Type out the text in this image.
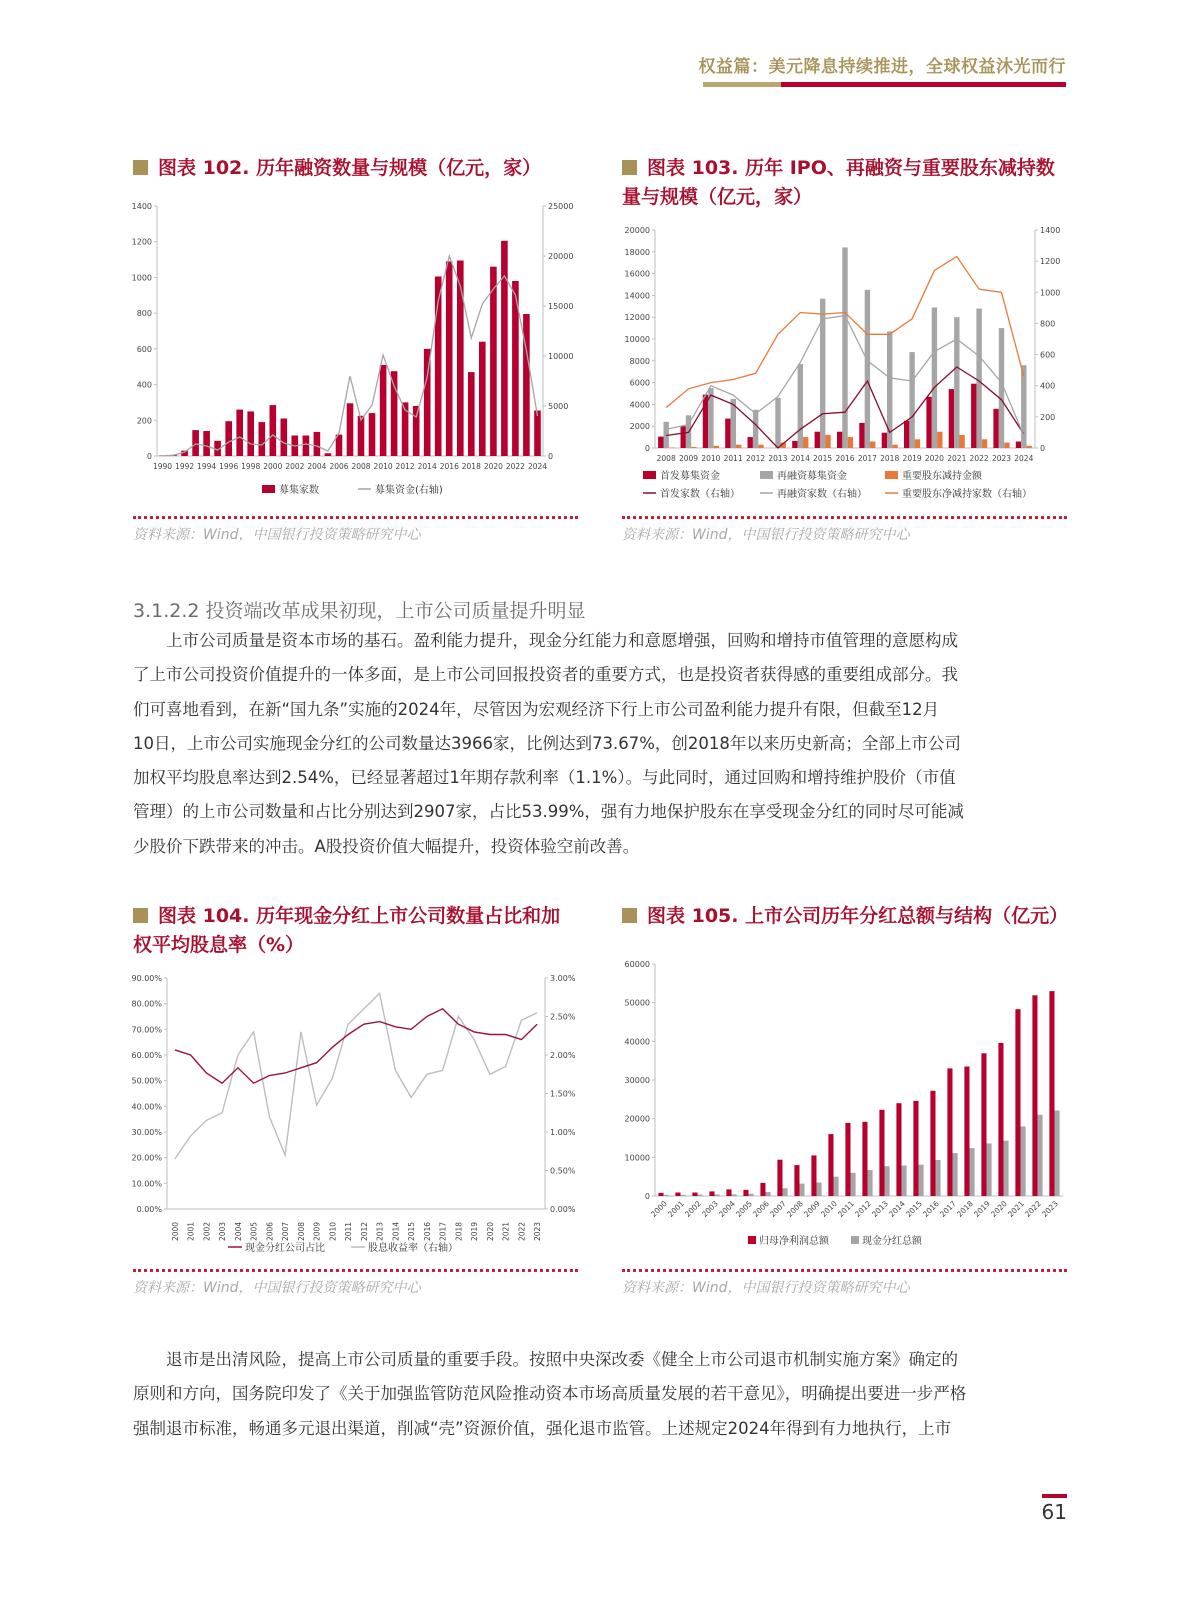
权益篇：美元降息持续推进，全球权益沐光而行
图表 102. 历年融资数量与规模（亿元，家）
0
200
400
600
800
1000
1200
1400
0
5000
10000
15000
20000
25000
1990 1992 1994 1996 1998 2000 2002 2004 2006 2008 2010 2012 2014 2016 2018 2020 2022 2024
募集家数	募集资金(右轴)
资料来源：Wind，中国银行投资策略研究中心
图表 103. 历年 IPO、再融资与重要股东减持数
量与规模（亿元，家）
0
2000
4000
6000
8000
10000
12000
14000
16000
18000
20000
0
200
400
600
800
1000
1200
1400
2008 2009 2010 2011 2012 2013 2014 2015 2016 2017 2018 2019 2020 2021 2022 2023 2024
首发募集资金
首发家数（右轴）
再融资募集资金
再融资家数（右轴）
重要股东减持金额
重要股东净减持家数（右轴）
资料来源：Wind，中国银行投资策略研究中心
3.1.2.2 投资端改革成果初现，上市公司质量提升明显
上市公司质量是资本市场的基石。盈利能力提升，现金分红能力和意愿增强，回购和增持市值管理的意愿构成
了上市公司投资价值提升的一体多面，是上市公司回报投资者的重要方式，也是投资者获得感的重要组成部分。我
们可喜地看到，在新“国九条”实施的2024年，尽管因为宏观经济下行上市公司盈利能力提升有限，但截至12月
10日，上市公司实施现金分红的公司数量达3966家，比例达到73.67%，创2018年以来历史新高；全部上市公司
加权平均股息率达到2.54%，已经显著超过1年期存款利率（1.1%）。与此同时，通过回购和增持维护股价（市值
管理）的上市公司数量和占比分别达到2907家，占比53.99%，强有力地保护股东在享受现金分红的同时尽可能减
少股价下跌带来的冲击。A股投资价值大幅提升，投资体验空前改善。
图表 104. 历年现金分红上市公司数量占比和加
权平均股息率（%）
0.00%
10.00%
20.00%
30.00%
40.00%
50.00%
60.00%
70.00%
80.00%
90.00%
0.00%
0.50%
1.00%
1.50%
2.00%
2.50%
3.00%
2000 2001 2002 2003 2004 2005 2006 2007 2008 2009 2010 2011 2012 2013 2014 2015 2016 2017 2018 2019 2020 2021 2022 2023
现金分红公司占比	股息收益率（右轴）
资料来源：Wind，中国银行投资策略研究中心
图表 105. 上市公司历年分红总额与结构（亿元）
0
10000
20000
30000
40000
50000
60000
2000
2001
2002
2003
2004
2005
2006
2007
2008
2009
2010
2011
2012
2013
2014
2015
2016
2017
2018
2019
2020
2021
2022
2023
归母净利润总额	现金分红总额
资料来源：Wind，中国银行投资策略研究中心
退市是出清风险，提高上市公司质量的重要手段。按照中央深改委《健全上市公司退市机制实施方案》确定的
原则和方向，国务院印发了《关于加强监管防范风险推动资本市场高质量发展的若干意见》，明确提出要进一步严格
强制退市标准，畅通多元退出渠道，削减“壳”资源价值，强化退市监管。上述规定2024年得到有力地执行，上市
61
